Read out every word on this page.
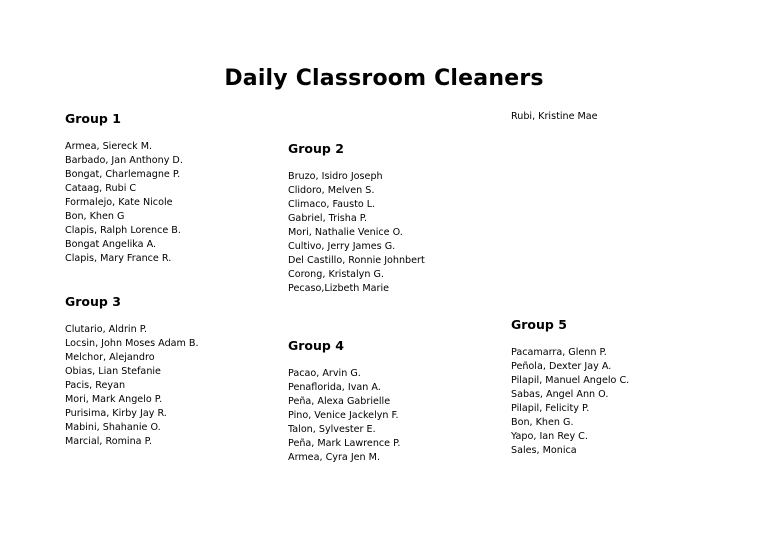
Daily Classroom Cleaners
Group 1
Armea, Siereck M.
Barbado, Jan Anthony D.
Bongat, Charlemagne P.
Cataag, Rubi C
Formalejo, Kate Nicole
Bon, Khen G
Clapis, Ralph Lorence B.
Bongat Angelika A.
Clapis, Mary France R.
Group 2
Bruzo, Isidro Joseph
Clidoro, Melven S.
Climaco, Fausto L.
Gabriel, Trisha P.
Mori, Nathalie Venice O.
Cultivo, Jerry James G.
Del Castillo, Ronnie Johnbert
Corong, Kristalyn G.
Pecaso,Lizbeth Marie
Rubi, Kristine Mae
Group 3
Clutario, Aldrin P.
Locsin, John Moses Adam B.
Melchor, Alejandro
Obias, Lian Stefanie
Pacis, Reyan
Mori, Mark Angelo P.
Purisima, Kirby Jay R.
Mabini, Shahanie O.
Marcial, Romina P.
Group 4
Pacao, Arvin G.
Penaflorida, Ivan A.
Peña, Alexa Gabrielle
Pino, Venice Jackelyn F.
Talon, Sylvester E.
Peña, Mark Lawrence P.
Armea, Cyra Jen M.
Group 5
Pacamarra, Glenn P.
Peñola, Dexter Jay A.
Pilapil, Manuel Angelo C.
Sabas, Angel Ann O.
Pilapil, Felicity P.
Bon, Khen G.
Yapo, Ian Rey C.
Sales, Monica
